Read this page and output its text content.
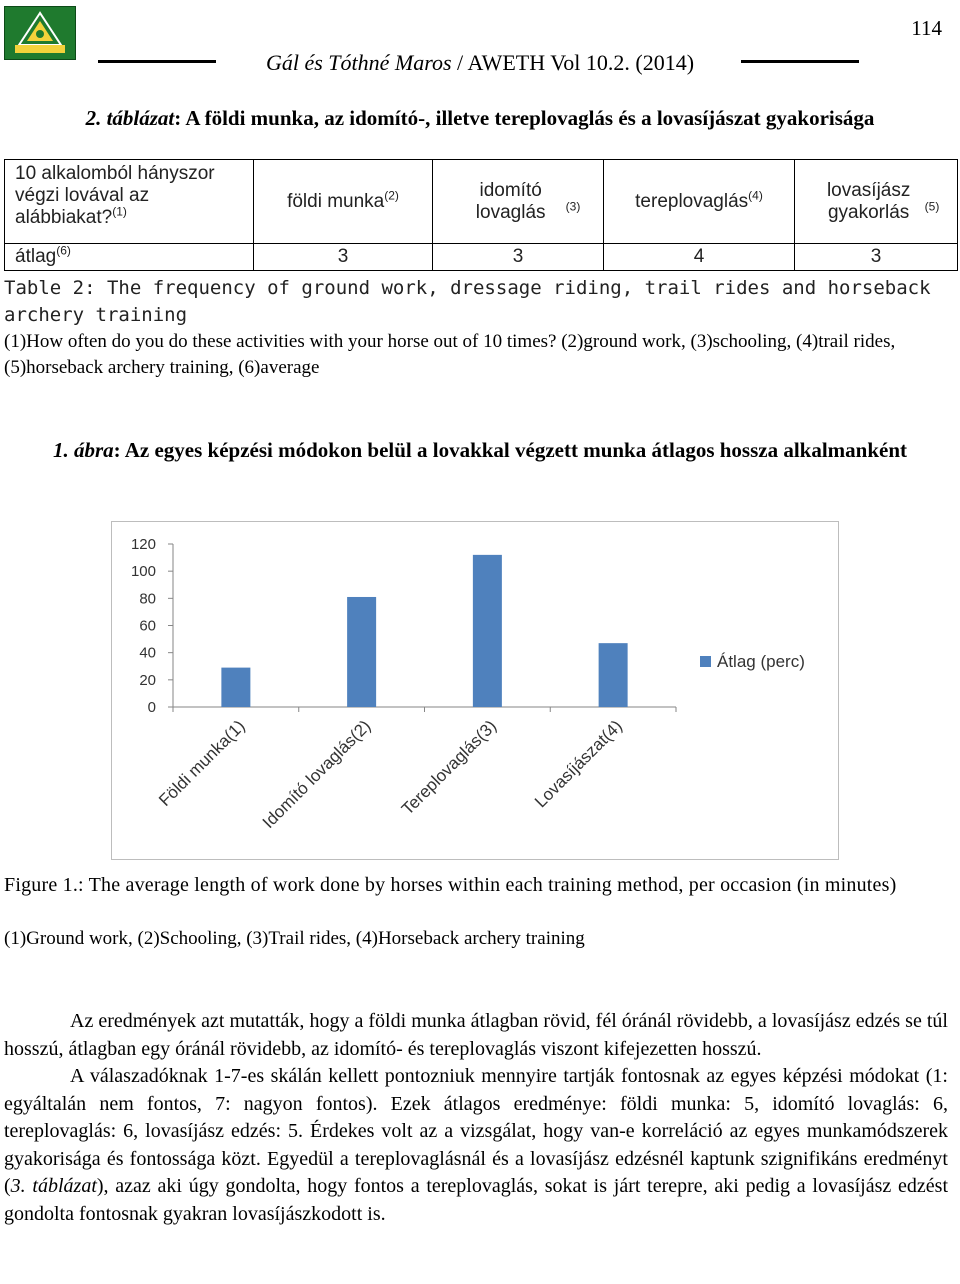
114
Gál és Tóthné Maros / AWETH Vol 10.2. (2014)
2. táblázat: A földi munka, az idomító-, illetve tereplovaglás és a lovasíjászat gyakorisága
10 alkalomból hányszor végzi lovával az alábbiakat?$^{(1)}$	földi munka$^{(2)}$	idomító lovaglás $^{(3)}$	tereplovaglás$^{(4)}$	lovasíjász gyakorlás $^{(5)}$
átlag$^{(6)}$	3	3	4	3
Table 2: The frequency of ground work, dressage riding, trail rides and horseback archery training
(1)How often do you do these activities with your horse out of 10 times? (2)ground work, (3)schooling, (4)trail rides, (5)horseback archery training, (6)average
1. ábra: Az egyes képzési módokon belül a lovakkal végzett munka átlagos hossza alkalmanként
0
20
40
60
80
100
120
Földi munka(1) Idomító lovaglás(2) Tereplovaglás(3) Lovasíjászat(4)
Átlag (perc)
Figure 1.: The average length of work done by horses within each training method, per occasion (in minutes)
(1)Ground work, (2)Schooling, (3)Trail rides, (4)Horseback archery training

Az eredmények azt mutatták, hogy a földi munka átlagban rövid, fél óránál rövidebb, a lovasíjász edzés se túl hosszú, átlagban egy óránál rövidebb, az idomító- és tereplovaglás viszont kifejezetten hosszú.

A válaszadóknak 1-7-es skálán kellett pontozniuk mennyire tartják fontosnak az egyes képzési módokat (1: egyáltalán nem fontos, 7: nagyon fontos). Ezek átlagos eredménye: földi munka: 5, idomító lovaglás: 6, tereplovaglás: 6, lovasíjász edzés: 5. Érdekes volt az a vizsgálat, hogy van-e korreláció az egyes munkamódszerek gyakorisága és fontossága közt. Egyedül a tereplovaglásnál és a lovasíjász edzésnél kaptunk szignifikáns eredményt (3. táblázat), azaz aki úgy gondolta, hogy fontos a tereplovaglás, sokat is járt terepre, aki pedig a lovasíjász edzést gondolta fontosnak gyakran lovasíjászkodott is.
